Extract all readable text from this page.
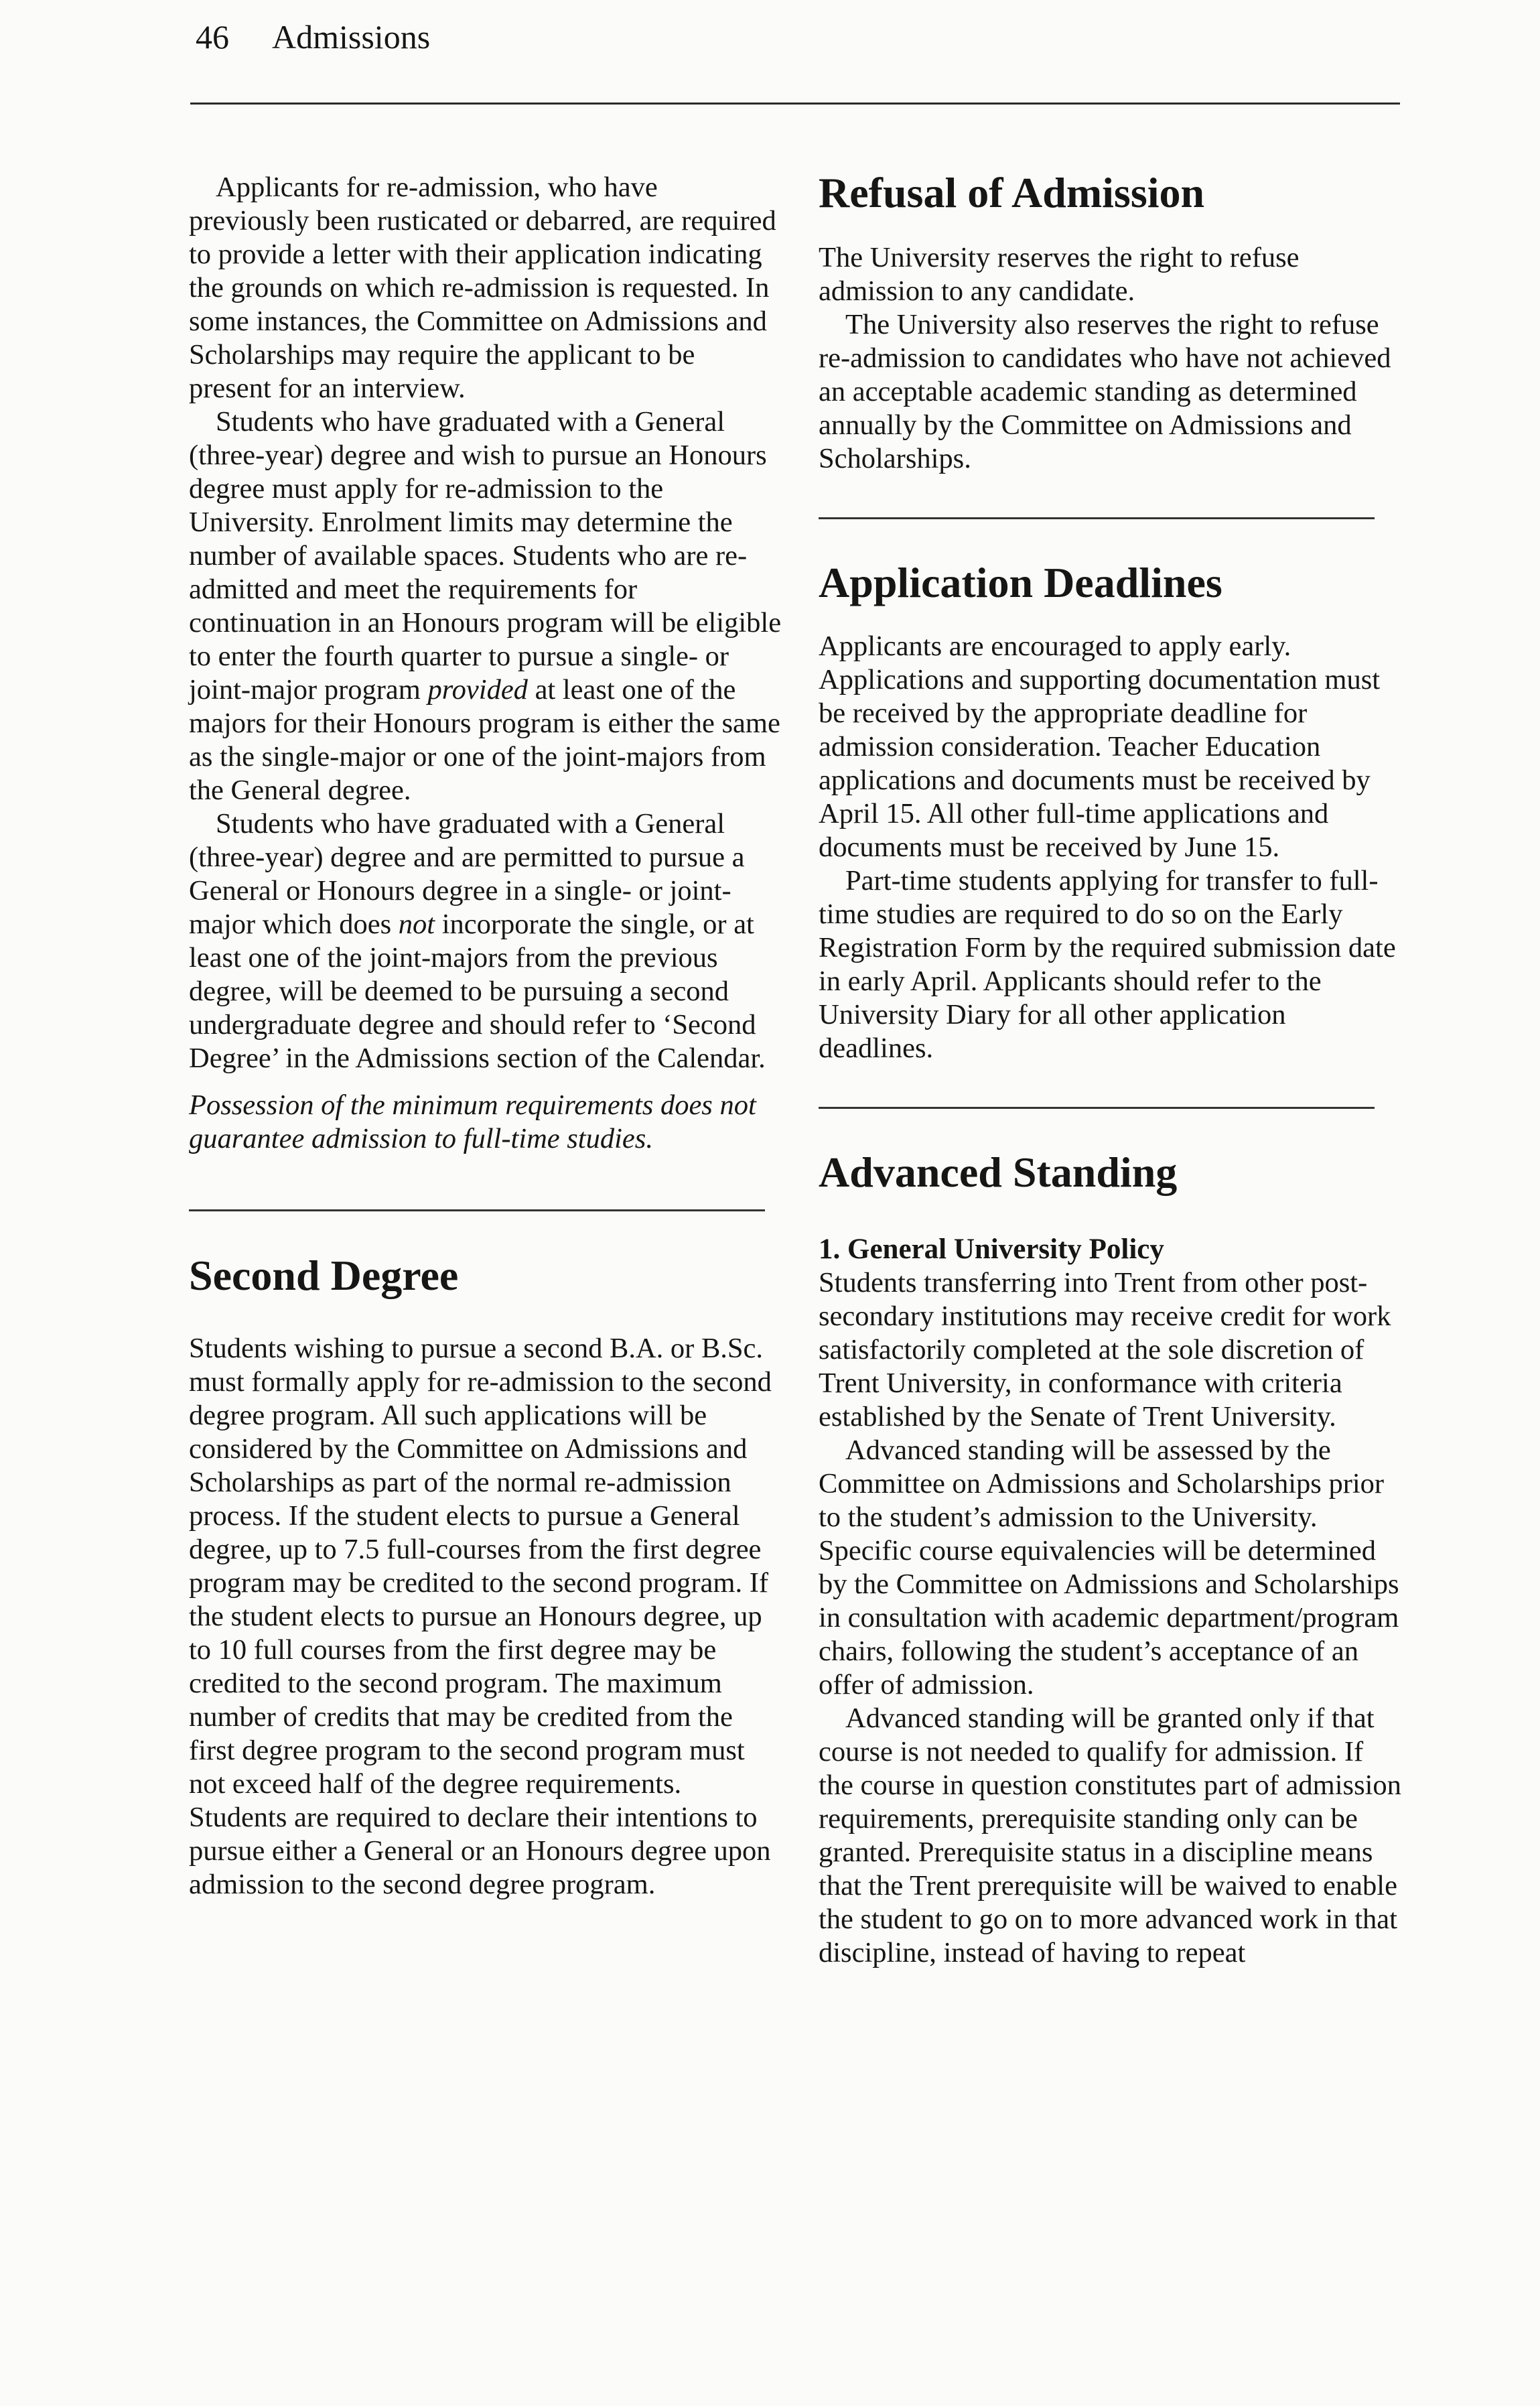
46 Admissions

Applicants for re-admission, who have previously been rusticated or debarred, are required to provide a letter with their application indicating the grounds on which re-admission is requested. In some instances, the Committee on Admissions and Scholarships may require the applicant to be present for an interview.

Students who have graduated with a General (three-year) degree and wish to pursue an Honours degree must apply for re-admission to the University. Enrolment limits may determine the number of available spaces. Students who are re-admitted and meet the requirements for continuation in an Honours program will be eligible to enter the fourth quarter to pursue a single- or joint-major program provided at least one of the majors for their Honours program is either the same as the single-major or one of the joint-majors from the General degree.

Students who have graduated with a General (three-year) degree and are permitted to pursue a General or Honours degree in a single- or joint-major which does not incorporate the single, or at least one of the joint-majors from the previous degree, will be deemed to be pursuing a second undergraduate degree and should refer to ‘Second Degree’ in the Admissions section of the Calendar.

Possession of the minimum requirements does not guarantee admission to full-time studies.

Second Degree

Students wishing to pursue a second B.A. or B.Sc. must formally apply for re-admission to the second degree program. All such applications will be considered by the Committee on Admissions and Scholarships as part of the normal re-admission process. If the student elects to pursue a General degree, up to 7.5 full-courses from the first degree program may be credited to the second program. If the student elects to pursue an Honours degree, up to 10 full courses from the first degree may be credited to the second program. The maximum number of credits that may be credited from the first degree program to the second program must not exceed half of the degree requirements. Students are required to declare their intentions to pursue either a General or an Honours degree upon admission to the second degree program.

Refusal of Admission

The University reserves the right to refuse admission to any candidate.

The University also reserves the right to refuse re-admission to candidates who have not achieved an acceptable academic standing as determined annually by the Committee on Admissions and Scholarships.

Application Deadlines

Applicants are encouraged to apply early. Applications and supporting documentation must be received by the appropriate deadline for admission consideration. Teacher Education applications and documents must be received by April 15. All other full-time applications and documents must be received by June 15.

Part-time students applying for transfer to full-time studies are required to do so on the Early Registration Form by the required submission date in early April. Applicants should refer to the University Diary for all other application deadlines.

Advanced Standing
1. General University Policy

Students transferring into Trent from other post-secondary institutions may receive credit for work satisfactorily completed at the sole discretion of Trent University, in conformance with criteria established by the Senate of Trent University.

Advanced standing will be assessed by the Committee on Admissions and Scholarships prior to the student’s admission to the University. Specific course equivalencies will be determined by the Committee on Admissions and Scholarships in consultation with academic department/program chairs, following the student’s acceptance of an offer of admission.

Advanced standing will be granted only if that course is not needed to qualify for admission. If the course in question constitutes part of admission requirements, prerequisite standing only can be granted. Prerequisite status in a discipline means that the Trent prerequisite will be waived to enable the student to go on to more advanced work in that discipline, instead of having to repeat
